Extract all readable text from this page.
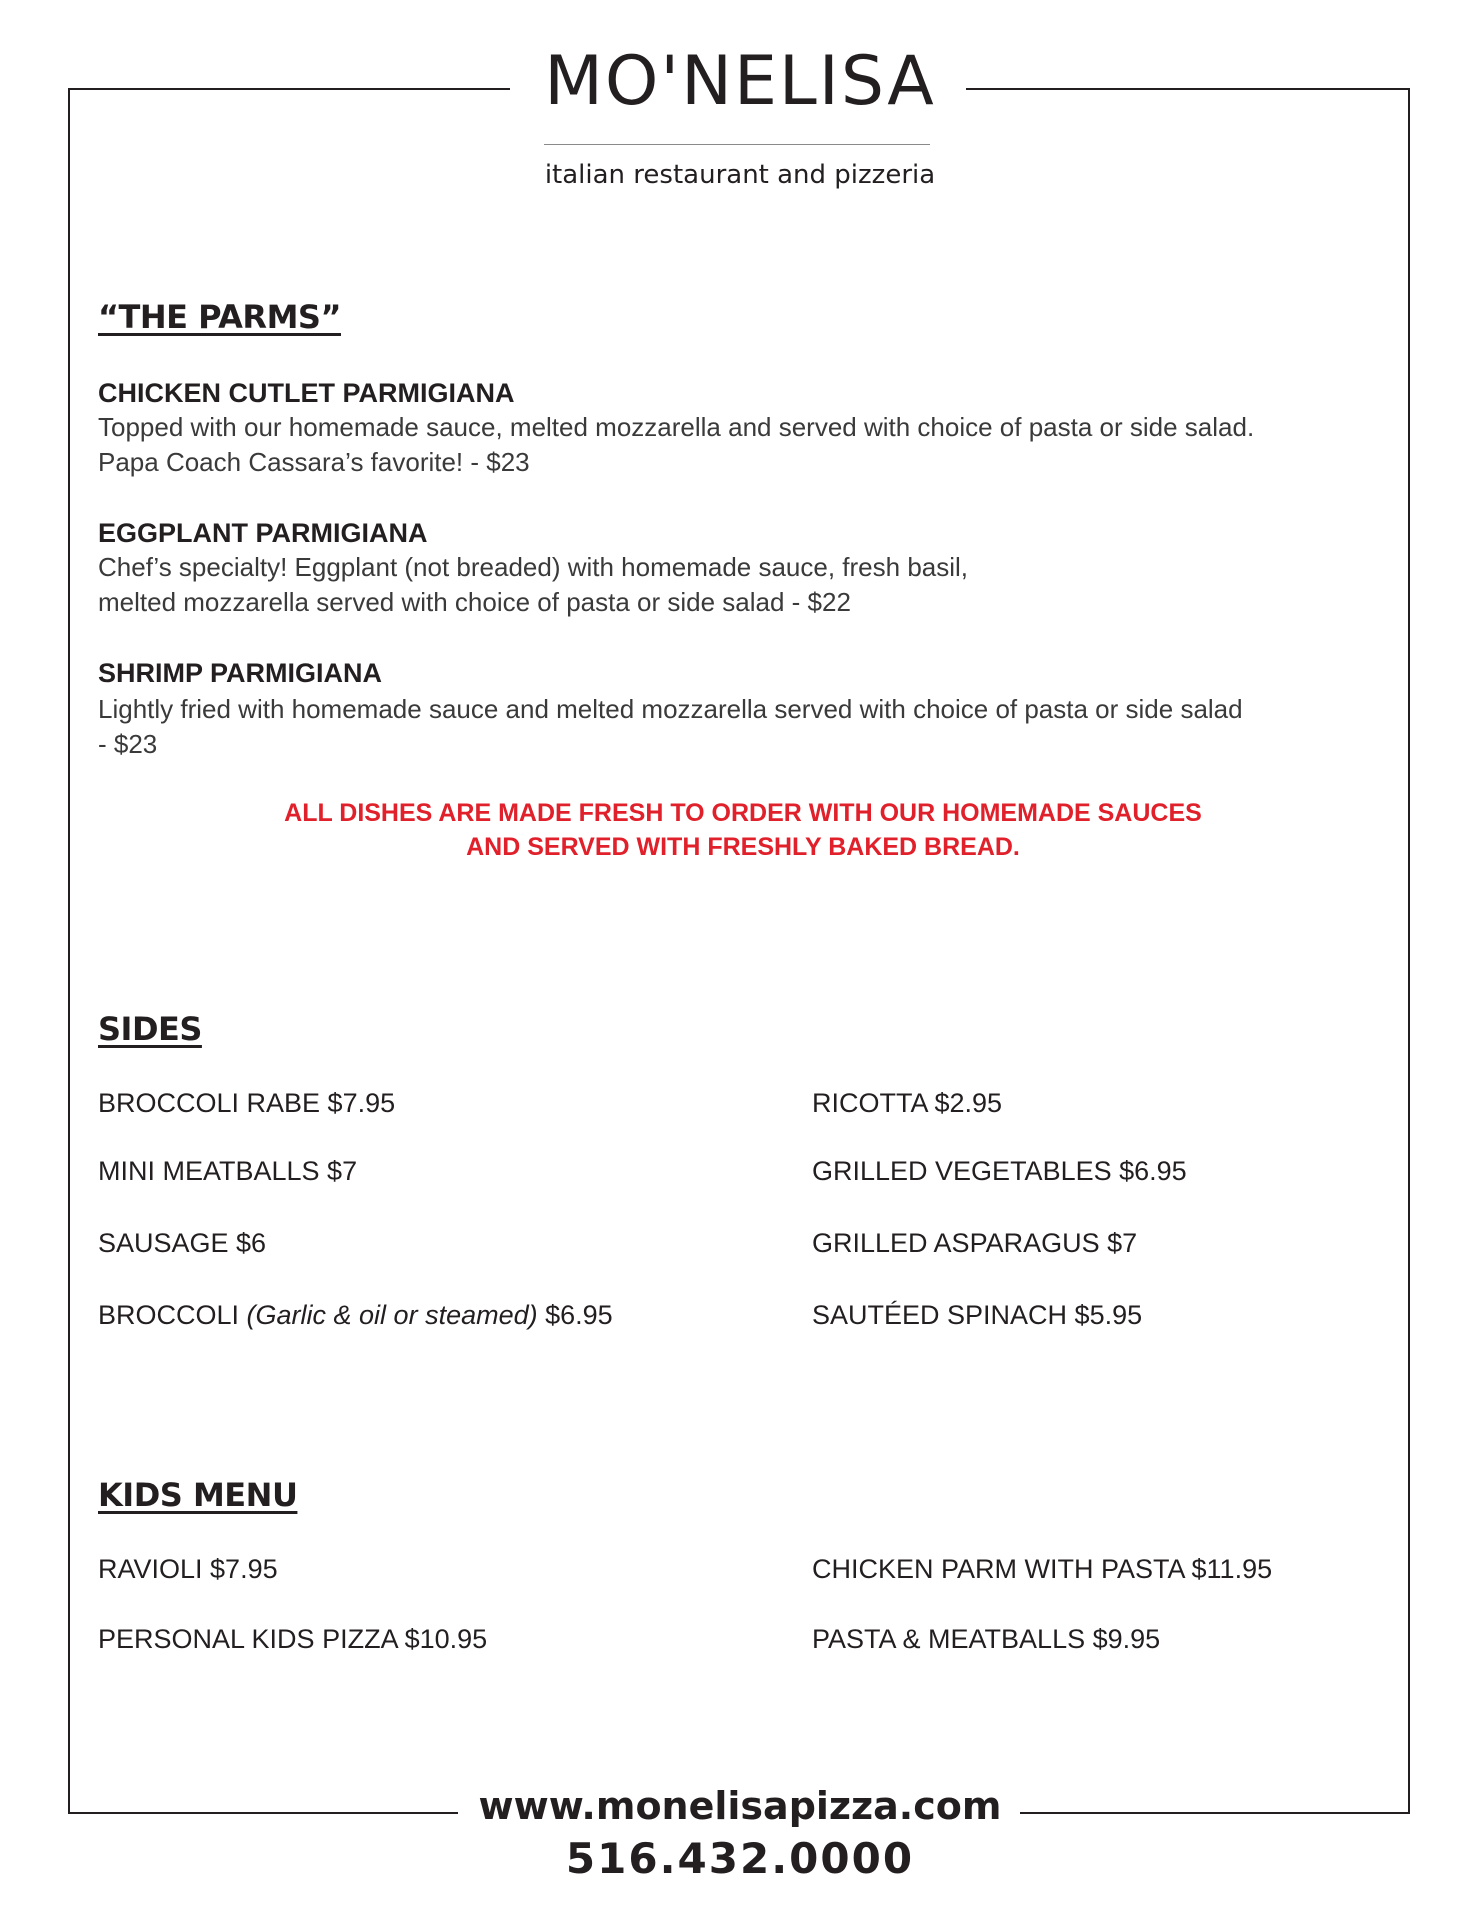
MO'NELISA
italian restaurant and pizzeria
“THE PARMS”
CHICKEN CUTLET PARMIGIANA
Topped with our homemade sauce, melted mozzarella and served with choice of pasta or side salad.
Papa Coach Cassara’s favorite! - $23
EGGPLANT PARMIGIANA
Chef’s specialty! Eggplant (not breaded) with homemade sauce, fresh basil,
melted mozzarella served with choice of pasta or side salad - $22
SHRIMP PARMIGIANA
Lightly fried with homemade sauce and melted mozzarella served with choice of pasta or side salad
- $23
ALL DISHES ARE MADE FRESH TO ORDER WITH OUR HOMEMADE SAUCES
AND SERVED WITH FRESHLY BAKED BREAD.
SIDES
BROCCOLI RABE $7.95
MINI MEATBALLS $7
SAUSAGE $6
BROCCOLI (Garlic & oil or steamed) $6.95
RICOTTA $2.95
GRILLED VEGETABLES $6.95
GRILLED ASPARAGUS $7
SAUTÉED SPINACH $5.95
KIDS MENU
RAVIOLI $7.95
PERSONAL KIDS PIZZA $10.95
CHICKEN PARM WITH PASTA $11.95
PASTA & MEATBALLS $9.95
www.monelisapizza.com
516.432.0000
